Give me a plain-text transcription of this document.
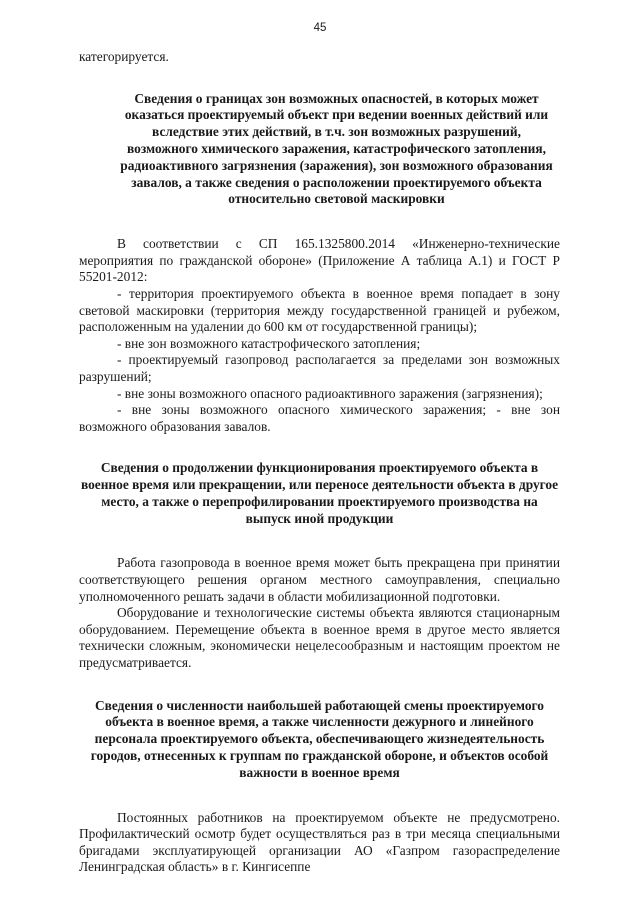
45

категорируется.

Сведения о границах зон возможных опасностей, в которых может оказаться проектируемый объект при ведении военных действий или вследствие этих действий, в т.ч. зон возможных разрушений, возможного химического заражения, катастрофического затопления, радиоактивного загрязнения (заражения), зон возможного образования завалов, а также сведения о расположении проектируемого объекта относительно световой маскировки

В соответствии с СП 165.1325800.2014 «Инженерно-технические мероприятия по гражданской обороне» (Приложение А таблица А.1) и ГОСТ Р 55201-2012:

- территория проектируемого объекта в военное время попадает в зону световой маскировки (территория между государственной границей и рубежом, расположенным на удалении до 600 км от государственной границы);

- вне зон возможного катастрофического затопления;

- проектируемый газопровод располагается за пределами зон возможных разрушений;

- вне зоны возможного опасного радиоактивного заражения (загрязнения);

- вне зоны возможного опасного химического заражения; - вне зон возможного образования завалов.

Сведения о продолжении функционирования проектируемого объекта в военное время или прекращении, или переносе деятельности объекта в другое место, а также о перепрофилировании проектируемого производства на выпуск иной продукции

Работа газопровода в военное время может быть прекращена при принятии соответствующего решения органом местного самоуправления, специально уполномоченного решать задачи в области мобилизационной подготовки.

Оборудование и технологические системы объекта являются стационарным оборудованием. Перемещение объекта в военное время в другое место является технически сложным, экономически нецелесообразным и настоящим проектом не предусматривается.

Сведения о численности наибольшей работающей смены проектируемого объекта в военное время, а также численности дежурного и линейного персонала проектируемого объекта, обеспечивающего жизнедеятельность городов, отнесенных к группам по гражданской обороне, и объектов особой важности в военное время

Постоянных работников на проектируемом объекте не предусмотрено. Профилактический осмотр будет осуществляться раз в три месяца специальными бригадами эксплуатирующей организации АО «Газпром газораспределение Ленинградская область» в г. Кингисеппе
